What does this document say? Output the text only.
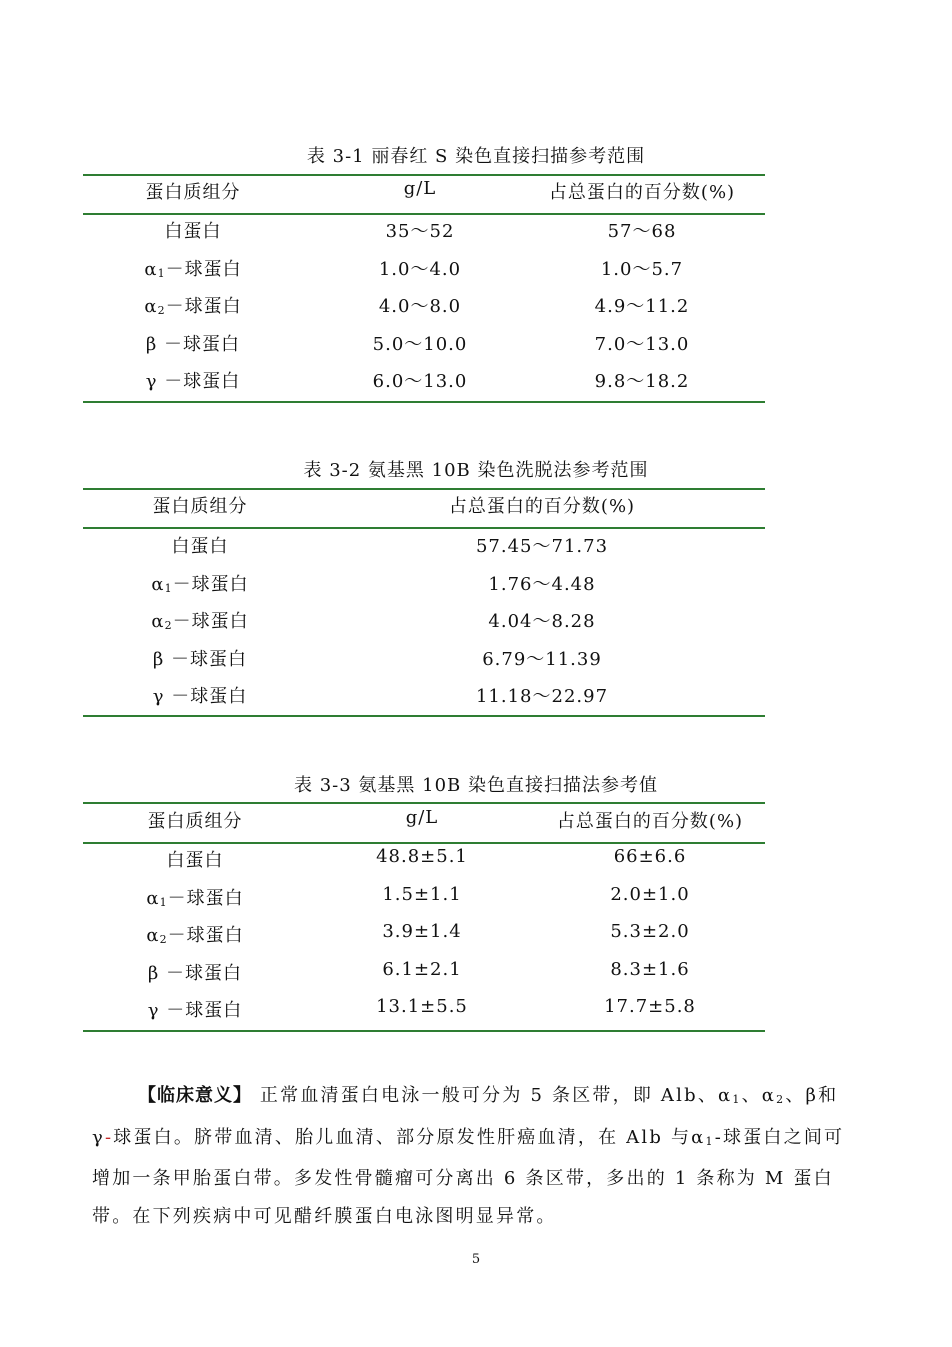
表 3-1 丽春红 S 染色直接扫描参考范围
蛋白质组分	g/L	占总蛋白的百分数(%)
白蛋白	35～52	57～68
$\alpha_1-$球蛋白	1.0～4.0	1.0～5.7
$\alpha_2-$球蛋白	4.0～8.0	4.9～11.2
β －球蛋白	5.0～10.0	7.0～13.0
γ －球蛋白	6.0～13.0	9.8～18.2
表 3-2 氨基黑 10B 染色洗脱法参考范围
蛋白质组分	占总蛋白的百分数(%)
白蛋白	57.45～71.73
$\alpha_1-$球蛋白	1.76～4.48
$\alpha_2-$球蛋白	4.04～8.28
β －球蛋白	6.79～11.39
γ －球蛋白	11.18～22.97
表 3-3 氨基黑 10B 染色直接扫描法参考值
蛋白质组分	g/L	占总蛋白的百分数(%)
白蛋白	48.8±5.1	66±6.6
$\alpha_1-$球蛋白	1.5±1.1	2.0±1.0
$\alpha_2-$球蛋白	3.9±1.4	5.3±2.0
β －球蛋白	6.1±2.1	8.3±1.6
γ －球蛋白	13.1±5.5	17.7±5.8
【临床意义】 正常血清蛋白电泳一般可分为 5 条区带，即 Alb、$\alpha_1$、$\alpha_2$、β和 γ-球蛋白。脐带血清、胎儿血清、部分原发性肝癌血清，在 Alb 与$\alpha_1-$球蛋白之间可增加一条甲胎蛋白带。多发性骨髓瘤可分离出 6 条区带，多出的 1 条称为 M 蛋白带。在下列疾病中可见醋纤膜蛋白电泳图明显异常。
5
